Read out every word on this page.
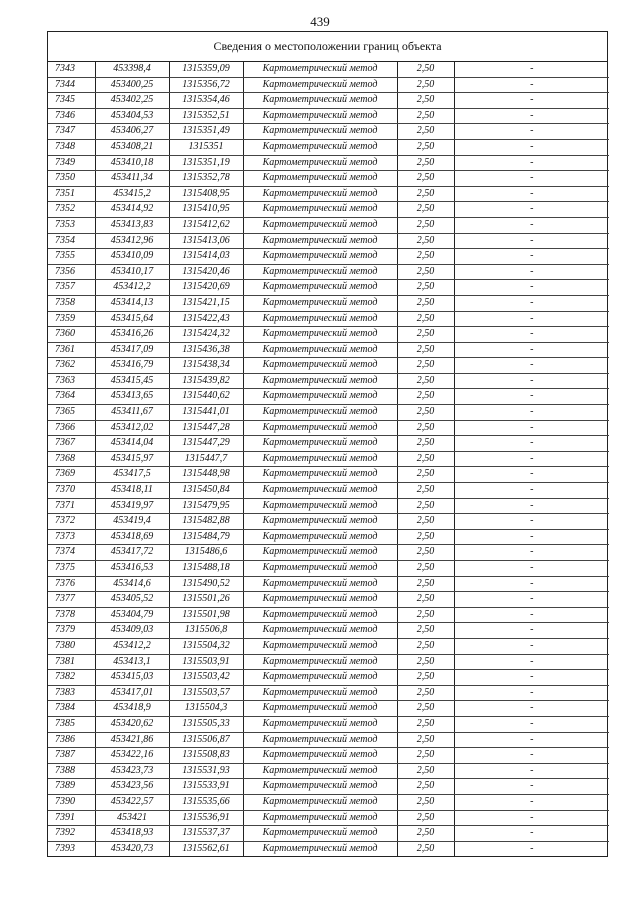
439
Сведения о местоположении границ объекта
7343	453398,4	1315359,09	Картометрический метод	2,50	-
7344	453400,25	1315356,72	Картометрический метод	2,50	-
7345	453402,25	1315354,46	Картометрический метод	2,50	-
7346	453404,53	1315352,51	Картометрический метод	2,50	-
7347	453406,27	1315351,49	Картометрический метод	2,50	-
7348	453408,21	1315351	Картометрический метод	2,50	-
7349	453410,18	1315351,19	Картометрический метод	2,50	-
7350	453411,34	1315352,78	Картометрический метод	2,50	-
7351	453415,2	1315408,95	Картометрический метод	2,50	-
7352	453414,92	1315410,95	Картометрический метод	2,50	-
7353	453413,83	1315412,62	Картометрический метод	2,50	-
7354	453412,96	1315413,06	Картометрический метод	2,50	-
7355	453410,09	1315414,03	Картометрический метод	2,50	-
7356	453410,17	1315420,46	Картометрический метод	2,50	-
7357	453412,2	1315420,69	Картометрический метод	2,50	-
7358	453414,13	1315421,15	Картометрический метод	2,50	-
7359	453415,64	1315422,43	Картометрический метод	2,50	-
7360	453416,26	1315424,32	Картометрический метод	2,50	-
7361	453417,09	1315436,38	Картометрический метод	2,50	-
7362	453416,79	1315438,34	Картометрический метод	2,50	-
7363	453415,45	1315439,82	Картометрический метод	2,50	-
7364	453413,65	1315440,62	Картометрический метод	2,50	-
7365	453411,67	1315441,01	Картометрический метод	2,50	-
7366	453412,02	1315447,28	Картометрический метод	2,50	-
7367	453414,04	1315447,29	Картометрический метод	2,50	-
7368	453415,97	1315447,7	Картометрический метод	2,50	-
7369	453417,5	1315448,98	Картометрический метод	2,50	-
7370	453418,11	1315450,84	Картометрический метод	2,50	-
7371	453419,97	1315479,95	Картометрический метод	2,50	-
7372	453419,4	1315482,88	Картометрический метод	2,50	-
7373	453418,69	1315484,79	Картометрический метод	2,50	-
7374	453417,72	1315486,6	Картометрический метод	2,50	-
7375	453416,53	1315488,18	Картометрический метод	2,50	-
7376	453414,6	1315490,52	Картометрический метод	2,50	-
7377	453405,52	1315501,26	Картометрический метод	2,50	-
7378	453404,79	1315501,98	Картометрический метод	2,50	-
7379	453409,03	1315506,8	Картометрический метод	2,50	-
7380	453412,2	1315504,32	Картометрический метод	2,50	-
7381	453413,1	1315503,91	Картометрический метод	2,50	-
7382	453415,03	1315503,42	Картометрический метод	2,50	-
7383	453417,01	1315503,57	Картометрический метод	2,50	-
7384	453418,9	1315504,3	Картометрический метод	2,50	-
7385	453420,62	1315505,33	Картометрический метод	2,50	-
7386	453421,86	1315506,87	Картометрический метод	2,50	-
7387	453422,16	1315508,83	Картометрический метод	2,50	-
7388	453423,73	1315531,93	Картометрический метод	2,50	-
7389	453423,56	1315533,91	Картометрический метод	2,50	-
7390	453422,57	1315535,66	Картометрический метод	2,50	-
7391	453421	1315536,91	Картометрический метод	2,50	-
7392	453418,93	1315537,37	Картометрический метод	2,50	-
7393	453420,73	1315562,61	Картометрический метод	2,50	-
